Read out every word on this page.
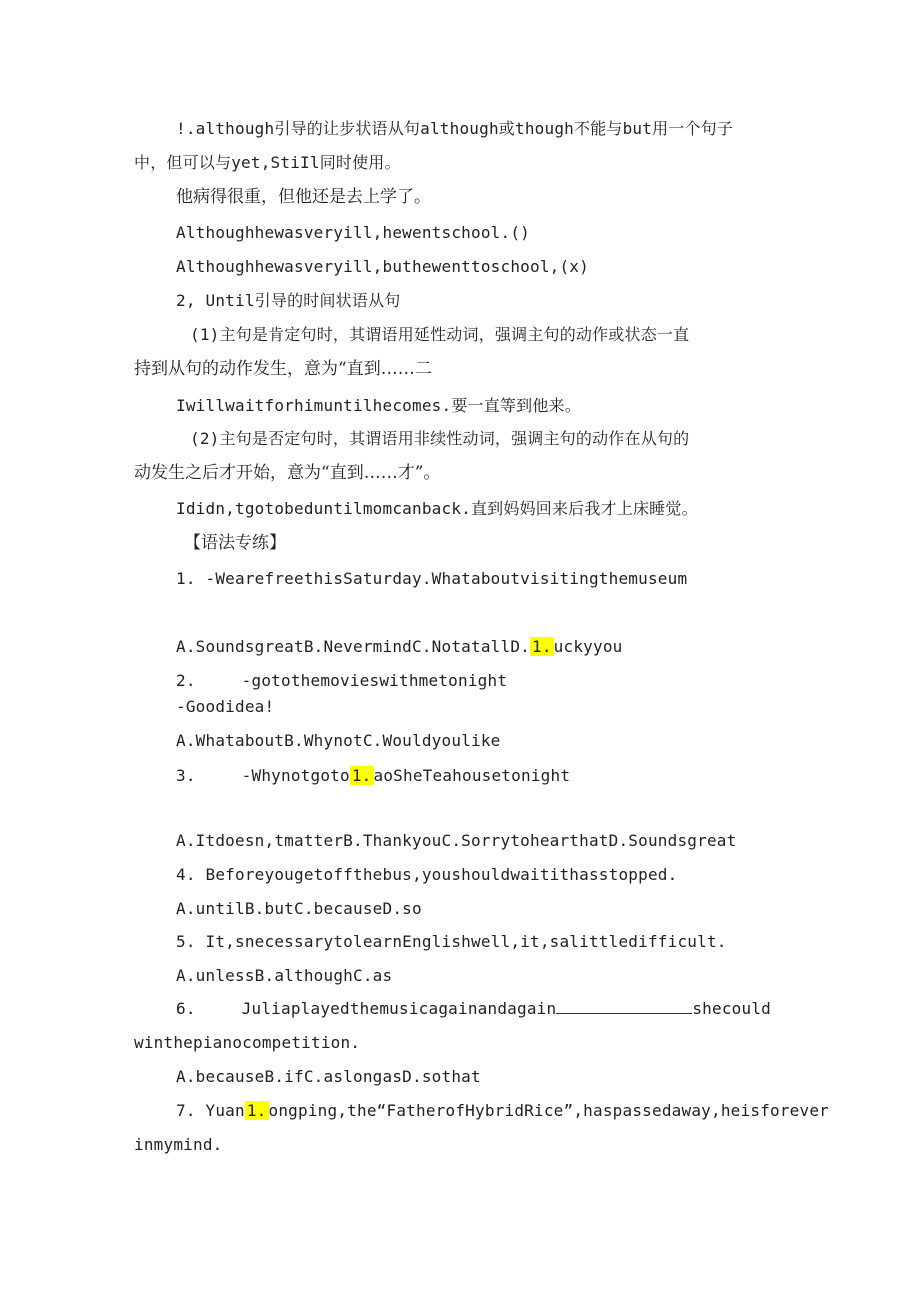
!.although引导的让步状语从句although或though不能与but用一个句子
中，但可以与yet,StiIl同时使用。
他病得很重，但他还是去上学了。
Althoughhewasveryill,hewentschool.()
Althoughhewasveryill,buthewenttoschool,(x)
2, Until引导的时间状语从句
(1)主句是肯定句时，其谓语用延性动词，强调主句的动作或状态一直
持到从句的动作发生，意为“直到……二
Iwillwaitforhimuntilhecomes.要一直等到他来。
(2)主句是否定句时，其谓语用非续性动词，强调主句的动作在从句的
动发生之后才开始，意为“直到……才”。
Ididn,tgotobeduntilmomcanback.直到妈妈回来后我才上床睡觉。
【语法专练】
1. -WearefreethisSaturday.Whataboutvisitingthemuseum
A.SoundsgreatB.NevermindC.NotatallD. 1. uckyyou
2.	-gotothemovieswithmetonight
-Goodidea!
A.WhataboutB.WhynotC.Wouldyoulike
3.	-Whynotgoto 1. aoSheTeahousetonight
A.Itdoesn,tmatterB.ThankyouC.SorrytohearthatD.Soundsgreat
4. Beforeyougetoffthebus,youshouldwaitithasstopped.
A.untilB.butC.becauseD.so
5. It,snecessarytolearnEnglishwell,it,salittledifficult.
A.unlessB.althoughC.as
6.	Juliaplayedthemusicagainandagain	shecould
winthepianocompetition.
A.becauseB.ifC.aslongasD.sothat
7. Yuan 1. ongping,the“FatherofHybridRice”,haspassedaway,heisforever
inmymind.
